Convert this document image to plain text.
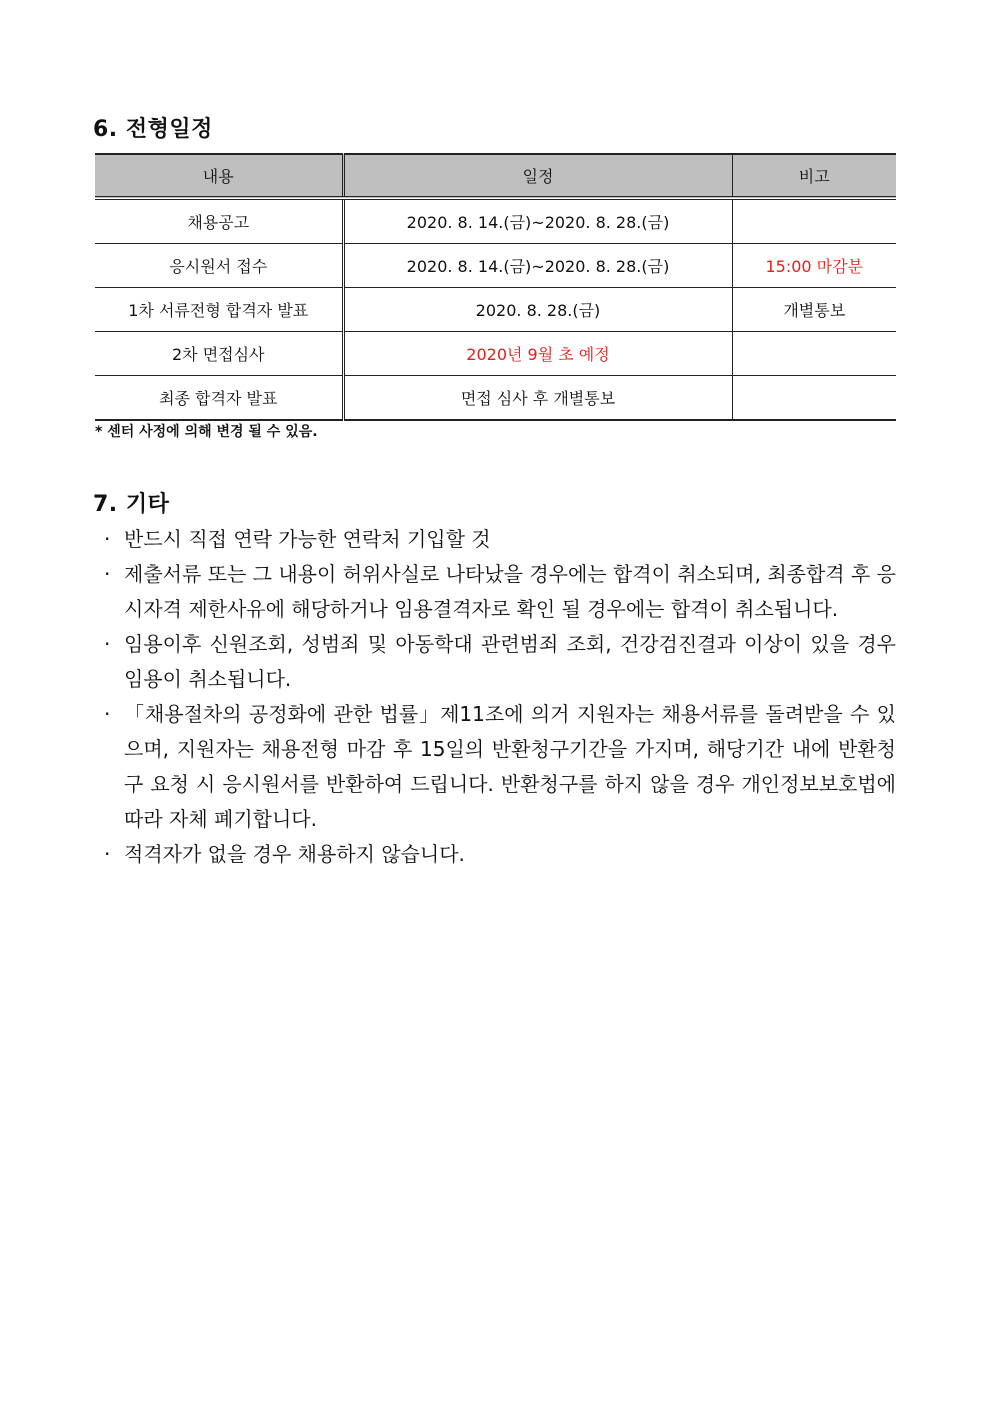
6. 전형일정
내용	일정	비고
채용공고	2020. 8. 14.(금)~2020. 8. 28.(금)	
응시원서 접수	2020. 8. 14.(금)~2020. 8. 28.(금)	15:00 마감분
1차 서류전형 합격자 발표	2020. 8. 28.(금)	개별통보
2차 면접심사	2020년 9월 초 예정	
최종 합격자 발표	면접 심사 후 개별통보	

* 센터 사정에 의해 변경 될 수 있음.

7. 기타
· 반드시 직접 연락 가능한 연락처 기입할 것
· 제출서류 또는 그 내용이 허위사실로 나타났을 경우에는 합격이 취소되며, 최종합격 후 응시자격 제한사유에 해당하거나 임용결격자로 확인 될 경우에는 합격이 취소됩니다.
· 임용이후 신원조회, 성범죄 및 아동학대 관련범죄 조회, 건강검진결과 이상이 있을 경우 임용이 취소됩니다.
· 「채용절차의 공정화에 관한 법률」제11조에 의거 지원자는 채용서류를 돌려받을 수 있으며, 지원자는 채용전형 마감 후 15일의 반환청구기간을 가지며, 해당기간 내에 반환청구 요청 시 응시원서를 반환하여 드립니다. 반환청구를 하지 않을 경우 개인정보보호법에 따라 자체 폐기합니다.
· 적격자가 없을 경우 채용하지 않습니다.
